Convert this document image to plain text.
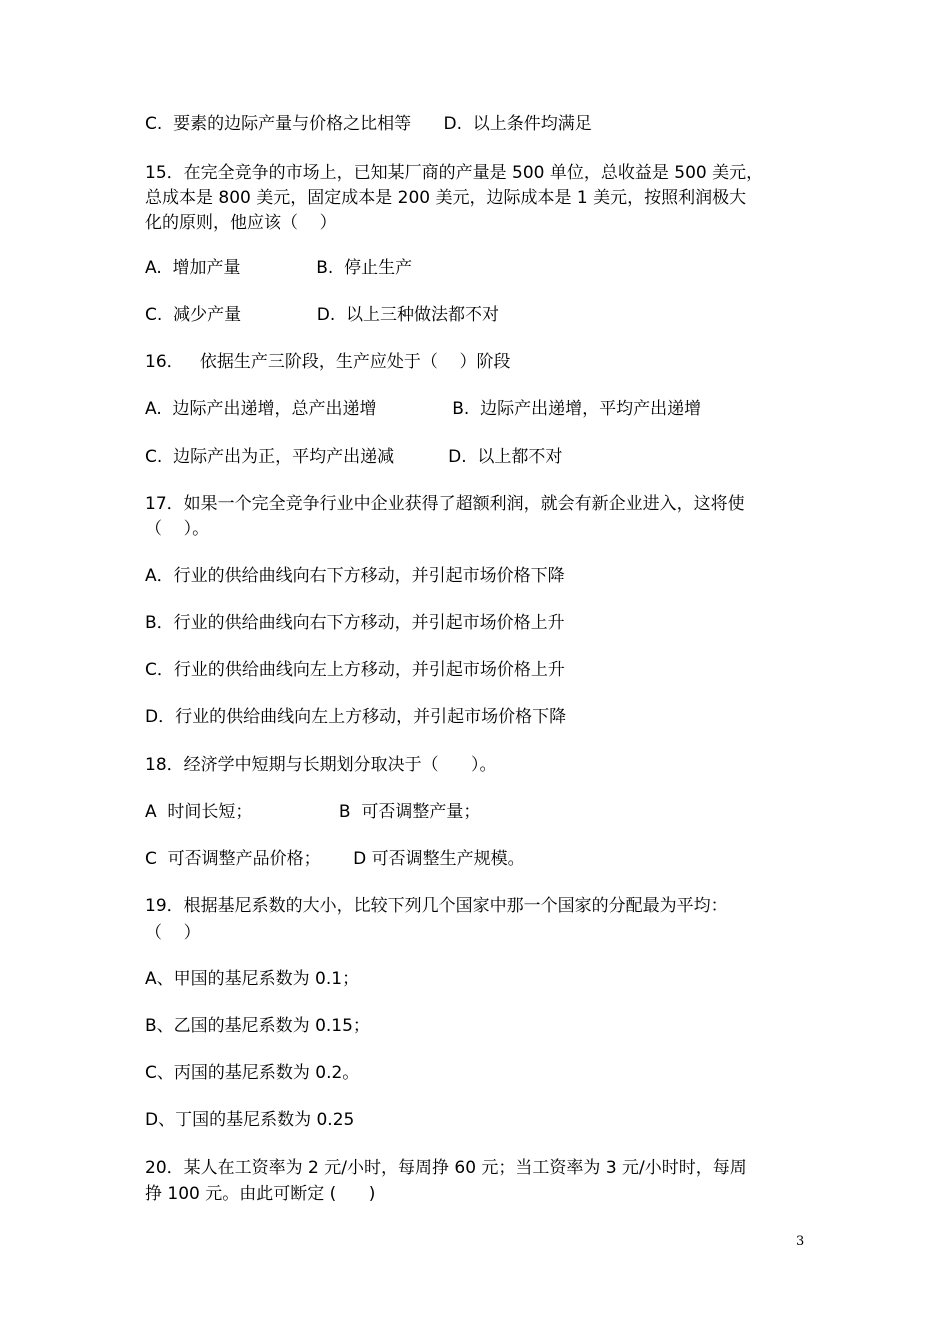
C.  要素的边际产量与价格之比相等      D.  以上条件均满足
15．在完全竞争的市场上，已知某厂商的产量是 500 单位，总收益是 500 美元，
总成本是 800 美元，固定成本是 200 美元，边际成本是 1 美元，按照利润极大
化的原则，他应该（    ）
A.  增加产量              B.  停止生产
C.  减少产量              D.  以上三种做法都不对
16．   依据生产三阶段，生产应处于（    ）阶段
A.  边际产出递增，总产出递增              B.  边际产出递增，平均产出递增
C.  边际产出为正，平均产出递减          D.  以上都不对
17．如果一个完全竞争行业中企业获得了超额利润，就会有新企业进入，这将使
（    ）。
A．行业的供给曲线向右下方移动，并引起市场价格下降
B．行业的供给曲线向右下方移动，并引起市场价格上升
C．行业的供给曲线向左上方移动，并引起市场价格上升
D．行业的供给曲线向左上方移动，并引起市场价格下降
18．经济学中短期与长期划分取决于（      ）。
A  时间长短；                B  可否调整产量；
C  可否调整产品价格；      D 可否调整生产规模。
19．根据基尼系数的大小，比较下列几个国家中那一个国家的分配最为平均：
（    ）
A、甲国的基尼系数为 0.1；
B、乙国的基尼系数为 0.15；
C、丙国的基尼系数为 0.2。
D、丁国的基尼系数为 0.25
20．某人在工资率为 2 元/小时，每周挣 60 元；当工资率为 3 元/小时时，每周
挣 100 元。由此可断定 (      )
3
